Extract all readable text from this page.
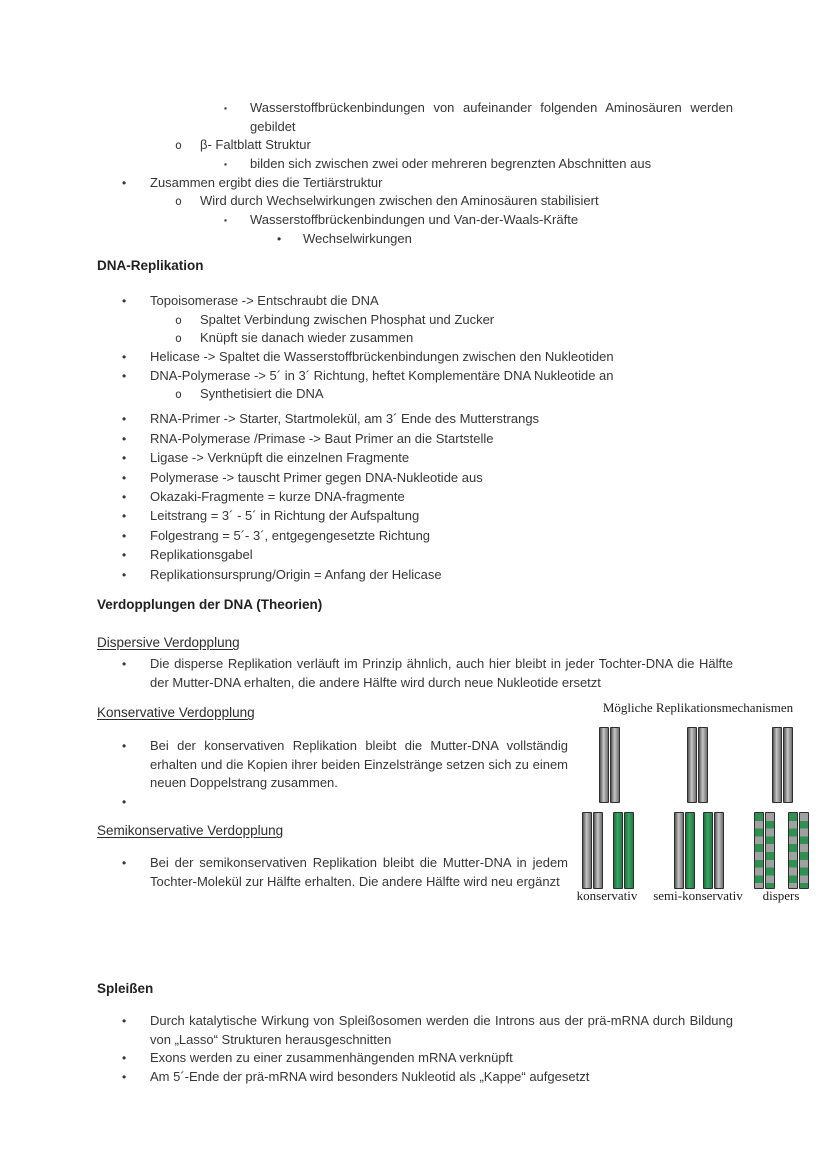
▪ Wasserstoffbrückenbindungen von aufeinander folgenden Aminosäuren werden gebildet
o β- Faltblatt Struktur
▪ bilden sich zwischen zwei oder mehreren begrenzten Abschnitten aus
• Zusammen ergibt dies die Tertiärstruktur
o Wird durch Wechselwirkungen zwischen den Aminosäuren stabilisiert
▪ Wasserstoffbrückenbindungen und Van-der-Waals-Kräfte
• Wechselwirkungen
DNA-Replikation
• Topoisomerase -> Entschraubt die DNA
o Spaltet Verbindung zwischen Phosphat und Zucker
o Knüpft sie danach wieder zusammen
• Helicase -> Spaltet die Wasserstoffbrückenbindungen zwischen den Nukleotiden
• DNA-Polymerase -> 5´ in 3´ Richtung, heftet Komplementäre DNA Nukleotide an
o Synthetisiert die DNA
• RNA-Primer -> Starter, Startmolekül, am 3´ Ende des Mutterstrangs
• RNA-Polymerase /Primase -> Baut Primer an die Startstelle
• Ligase -> Verknüpft die einzelnen Fragmente
• Polymerase -> tauscht Primer gegen DNA-Nukleotide aus
• Okazaki-Fragmente = kurze DNA-fragmente
• Leitstrang = 3´ - 5´ in Richtung der Aufspaltung
• Folgestrang = 5´- 3´, entgegengesetzte Richtung
• Replikationsgabel
• Replikationsursprung/Origin = Anfang der Helicase
Verdopplungen der DNA (Theorien)
Dispersive Verdopplung
• Die disperse Replikation verläuft im Prinzip ähnlich, auch hier bleibt in jeder Tochter-DNA die Hälfte der Mutter-DNA erhalten, die andere Hälfte wird durch neue Nukleotide ersetzt
Konservative Verdopplung
• Bei der konservativen Replikation bleibt die Mutter-DNA vollständig erhalten und die Kopien ihrer beiden Einzelstränge setzen sich zu einem neuen Doppelstrang zusammen.
•
Semikonservative Verdopplung
• Bei der semikonservativen Replikation bleibt die Mutter-DNA in jedem Tochter-Molekül zur Hälfte erhalten. Die andere Hälfte wird neu ergänzt
Mögliche Replikationsmechanismen
konservativ	semi-konservativ	dispers
Spleißen
• Durch katalytische Wirkung von Spleißosomen werden die Introns aus der prä-mRNA durch Bildung von „Lasso“ Strukturen herausgeschnitten
• Exons werden zu einer zusammenhängenden mRNA verknüpft
• Am 5´-Ende der prä-mRNA wird besonders Nukleotid als „Kappe“ aufgesetzt
